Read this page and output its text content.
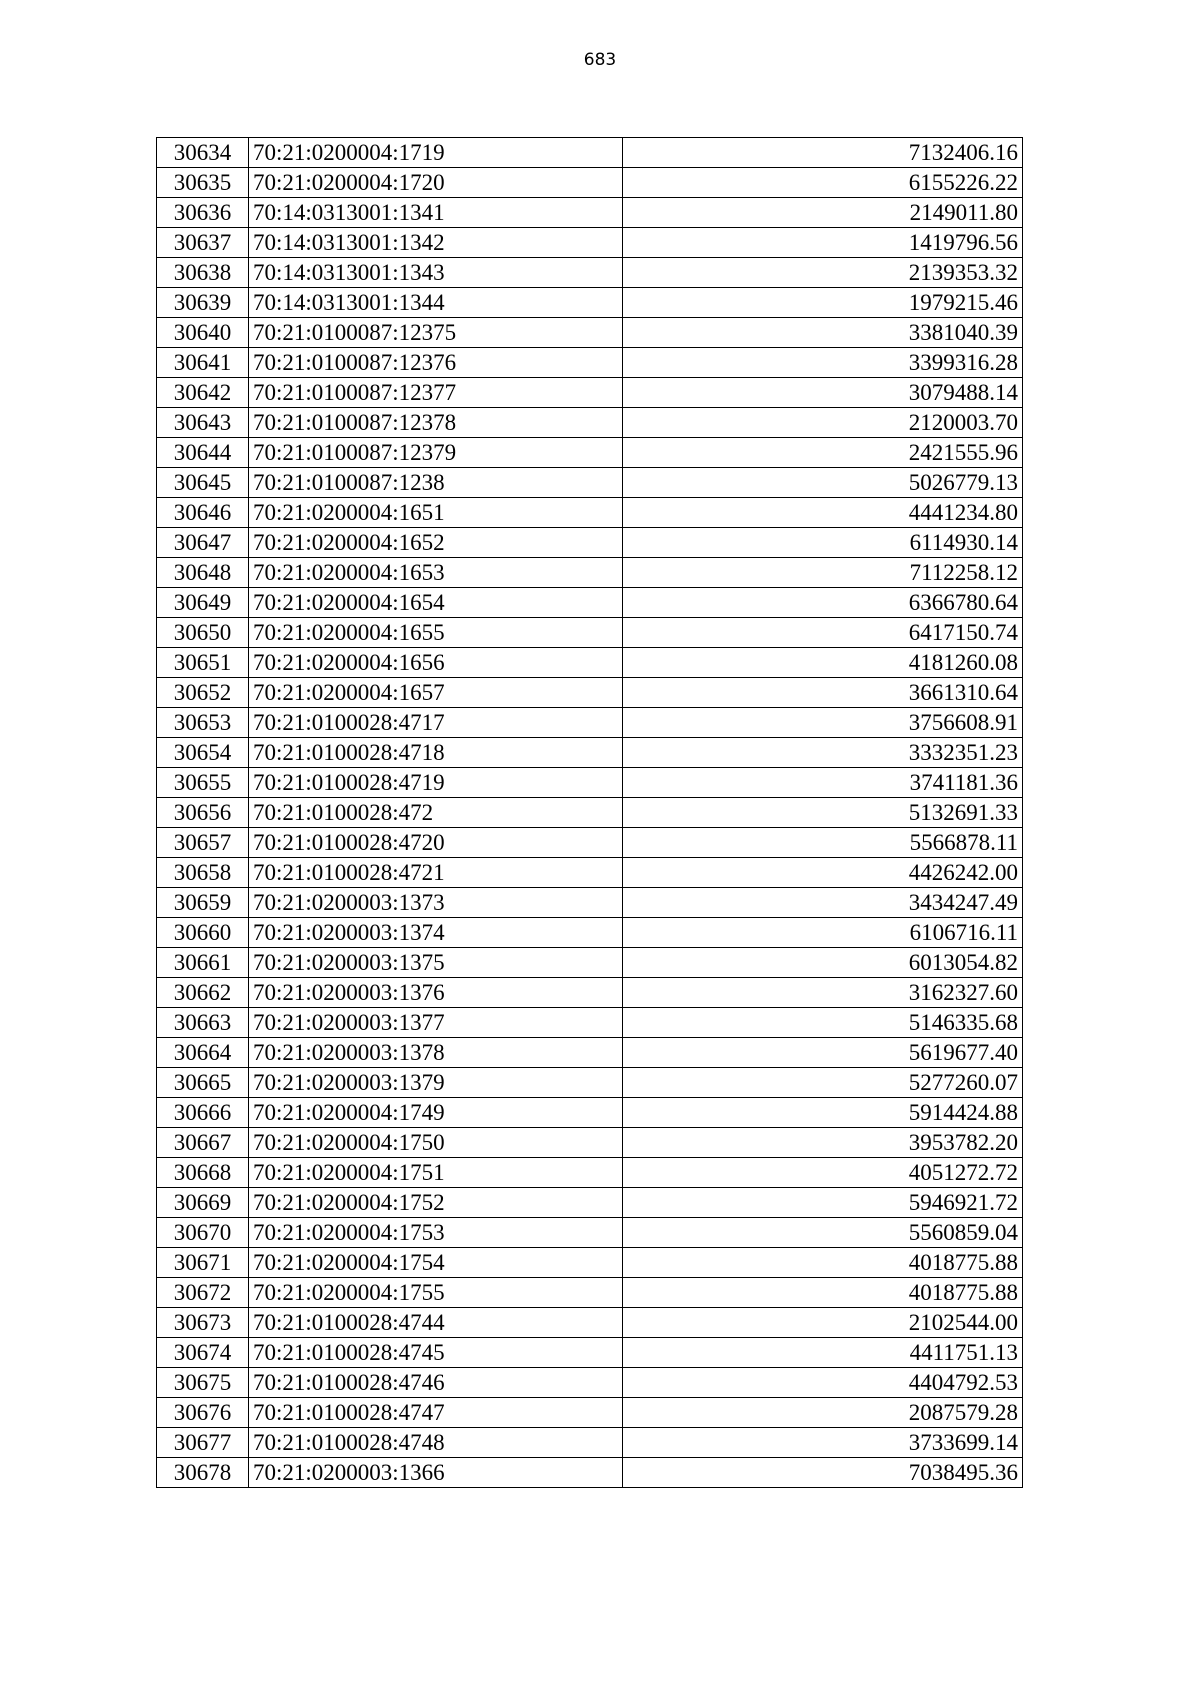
683
30634	70:21:0200004:1719	7132406.16
30635	70:21:0200004:1720	6155226.22
30636	70:14:0313001:1341	2149011.80
30637	70:14:0313001:1342	1419796.56
30638	70:14:0313001:1343	2139353.32
30639	70:14:0313001:1344	1979215.46
30640	70:21:0100087:12375	3381040.39
30641	70:21:0100087:12376	3399316.28
30642	70:21:0100087:12377	3079488.14
30643	70:21:0100087:12378	2120003.70
30644	70:21:0100087:12379	2421555.96
30645	70:21:0100087:1238	5026779.13
30646	70:21:0200004:1651	4441234.80
30647	70:21:0200004:1652	6114930.14
30648	70:21:0200004:1653	7112258.12
30649	70:21:0200004:1654	6366780.64
30650	70:21:0200004:1655	6417150.74
30651	70:21:0200004:1656	4181260.08
30652	70:21:0200004:1657	3661310.64
30653	70:21:0100028:4717	3756608.91
30654	70:21:0100028:4718	3332351.23
30655	70:21:0100028:4719	3741181.36
30656	70:21:0100028:472	5132691.33
30657	70:21:0100028:4720	5566878.11
30658	70:21:0100028:4721	4426242.00
30659	70:21:0200003:1373	3434247.49
30660	70:21:0200003:1374	6106716.11
30661	70:21:0200003:1375	6013054.82
30662	70:21:0200003:1376	3162327.60
30663	70:21:0200003:1377	5146335.68
30664	70:21:0200003:1378	5619677.40
30665	70:21:0200003:1379	5277260.07
30666	70:21:0200004:1749	5914424.88
30667	70:21:0200004:1750	3953782.20
30668	70:21:0200004:1751	4051272.72
30669	70:21:0200004:1752	5946921.72
30670	70:21:0200004:1753	5560859.04
30671	70:21:0200004:1754	4018775.88
30672	70:21:0200004:1755	4018775.88
30673	70:21:0100028:4744	2102544.00
30674	70:21:0100028:4745	4411751.13
30675	70:21:0100028:4746	4404792.53
30676	70:21:0100028:4747	2087579.28
30677	70:21:0100028:4748	3733699.14
30678	70:21:0200003:1366	7038495.36
